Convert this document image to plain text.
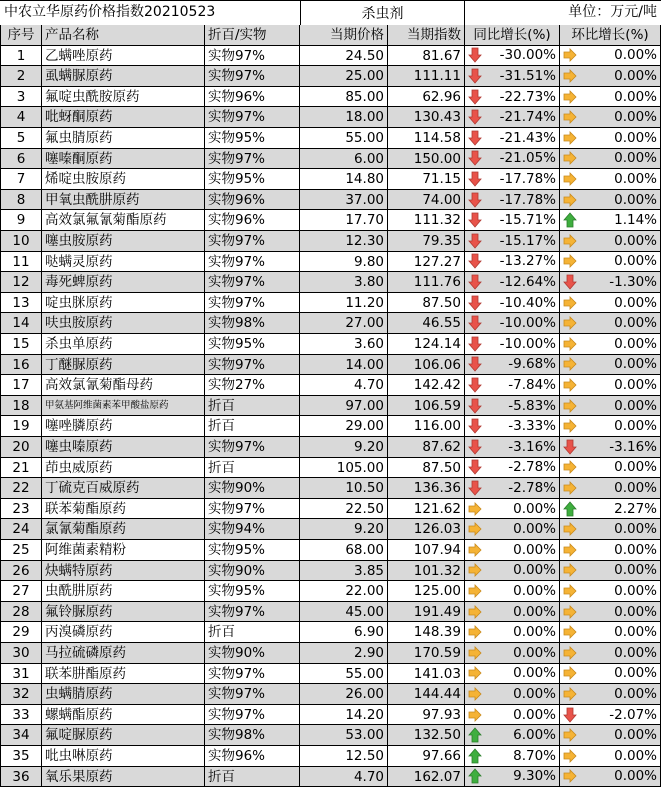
中农立华原药价格指数20210523	杀虫剂	单位：万元/吨
序号 产品名称	折百/实物	当期价格	当期指数 同比增长(%)	环比增长(%)
1	乙螨唑原药	实物97%	24.50	81.67	-30.00%	0.00%
2	虱螨脲原药	实物97%	25.00	111.11	-31.51%	0.00%
3	氟啶虫酰胺原药	实物96%	85.00	62.96	-22.73%	0.00%
4	吡蚜酮原药	实物97%	18.00	130.43	-21.74%	0.00%
5	氟虫腈原药	实物95%	55.00	114.58	-21.43%	0.00%
6	噻嗪酮原药	实物97%	6.00	150.00	-21.05%	0.00%
7	烯啶虫胺原药	实物95%	14.80	71.15	-17.78%	0.00%
8	甲氧虫酰肼原药	实物96%	37.00	74.00	-17.78%	0.00%
9	高效氯氟氰菊酯原药	实物96%	17.70	111.32	-15.71%	1.14%
10	噻虫胺原药	实物97%	12.30	79.35	-15.17%	0.00%
11	哒螨灵原药	实物97%	9.80	127.27	-13.27%	0.00%
12	毒死蜱原药	实物97%	3.80	111.76	-12.64%	-1.30%
13	啶虫脒原药	实物97%	11.20	87.50	-10.40%	0.00%
14	呋虫胺原药	实物98%	27.00	46.55	-10.00%	0.00%
15	杀虫单原药	实物95%	3.60	124.14	-10.00%	0.00%
16	丁醚脲原药	实物97%	14.00	106.06	-9.68%	0.00%
17	高效氯氰菊酯母药	实物27%	4.70	142.42	-7.84%	0.00%
18	甲氨基阿维菌素苯甲酸盐原药	折百	97.00	106.59	-5.83%	0.00%
19	噻唑膦原药	折百	29.00	116.00	-3.33%	0.00%
20	噻虫嗪原药	实物97%	9.20	87.62	-3.16%	-3.16%
21	茚虫威原药	折百	105.00	87.50	-2.78%	0.00%
22	丁硫克百威原药	实物90%	10.50	136.36	-2.78%	0.00%
23	联苯菊酯原药	实物97%	22.50	121.62	0.00%	2.27%
24	氯氰菊酯原药	实物94%	9.20	126.03	0.00%	0.00%
25	阿维菌素精粉	实物95%	68.00	107.94	0.00%	0.00%
26	炔螨特原药	实物90%	3.85	101.32	0.00%	0.00%
27	虫酰肼原药	实物95%	22.00	125.00	0.00%	0.00%
28	氟铃脲原药	实物97%	45.00	191.49	0.00%	0.00%
29	丙溴磷原药	折百	6.90	148.39	0.00%	0.00%
30	马拉硫磷原药	实物90%	2.90	170.59	0.00%	0.00%
31	联苯肼酯原药	实物97%	55.00	141.03	0.00%	0.00%
32	虫螨腈原药	实物97%	26.00	144.44	0.00%	0.00%
33	螺螨酯原药	实物97%	14.20	97.93	0.00%	-2.07%
34	氟啶脲原药	实物98%	53.00	132.50	6.00%	0.00%
35	吡虫啉原药	实物96%	12.50	97.66	8.70%	0.00%
36	氧乐果原药	折百	4.70	162.07	9.30%	0.00%
